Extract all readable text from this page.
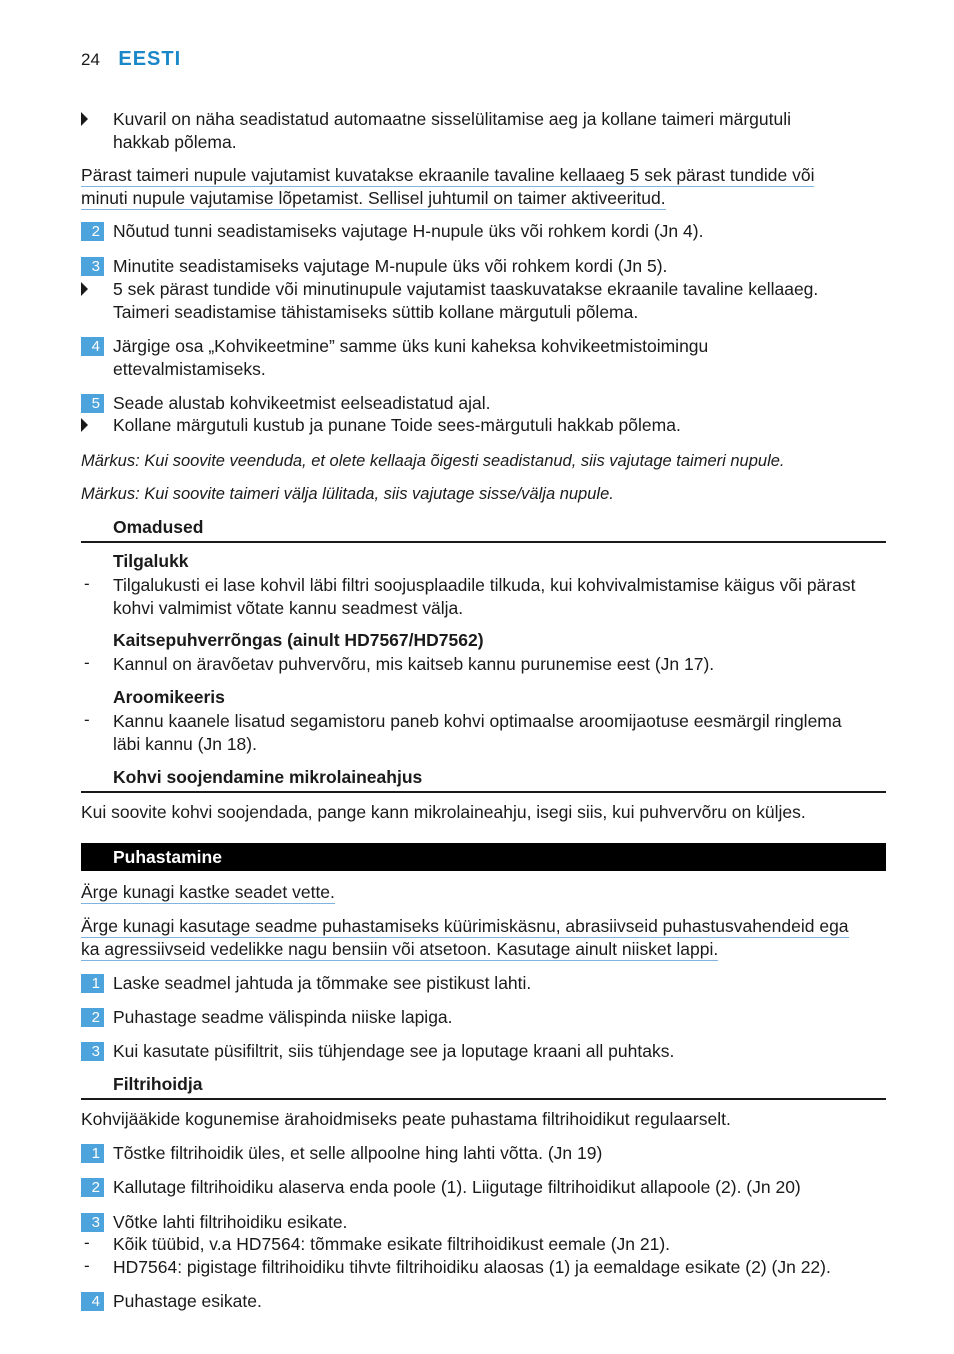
24 EESTI
Kuvaril on näha seadistatud automaatne sisselülitamise aeg ja kollane taimeri märgutuli
hakkab põlema.
Pärast taimeri nupule vajutamist kuvatakse ekraanile tavaline kellaaeg 5 sek pärast tundide või
minuti nupule vajutamise lõpetamist. Sellisel juhtumil on taimer aktiveeritud.
2 Nõutud tunni seadistamiseks vajutage H-nupule üks või rohkem kordi (Jn 4).
3 Minutite seadistamiseks vajutage M-nupule üks või rohkem kordi (Jn 5).
5 sek pärast tundide või minutinupule vajutamist taaskuvatakse ekraanile tavaline kellaaeg.
Taimeri seadistamise tähistamiseks süttib kollane märgutuli põlema.
4 Järgige osa „Kohvikeetmine” samme üks kuni kaheksa kohvikeetmistoimingu
ettevalmistamiseks.
5 Seade alustab kohvikeetmist eelseadistatud ajal.
Kollane märgutuli kustub ja punane Toide sees-märgutuli hakkab põlema.
Märkus: Kui soovite veenduda, et olete kellaaja õigesti seadistanud, siis vajutage taimeri nupule.
Märkus: Kui soovite taimeri välja lülitada, siis vajutage sisse/välja nupule.
Omadused
Tilgalukk
- Tilgalukusti ei lase kohvil läbi filtri soojusplaadile tilkuda, kui kohvivalmistamise käigus või pärast
kohvi valmimist võtate kannu seadmest välja.
Kaitsepuhverrõngas (ainult HD7567/HD7562)
- Kannul on äravõetav puhvervõru, mis kaitseb kannu purunemise eest (Jn 17).
Aroomikeeris
- Kannu kaanele lisatud segamistoru paneb kohvi optimaalse aroomijaotuse eesmärgil ringlema
läbi kannu (Jn 18).
Kohvi soojendamine mikrolaineahjus
Kui soovite kohvi soojendada, pange kann mikrolaineahju, isegi siis, kui puhvervõru on küljes.
Puhastamine
Ärge kunagi kastke seadet vette.
Ärge kunagi kasutage seadme puhastamiseks küürimiskäsnu, abrasiivseid puhastusvahendeid ega
ka agressiivseid vedelikke nagu bensiin või atsetoon. Kasutage ainult niisket lappi.
1 Laske seadmel jahtuda ja tõmmake see pistikust lahti.
2 Puhastage seadme välispinda niiske lapiga.
3 Kui kasutate püsifiltrit, siis tühjendage see ja loputage kraani all puhtaks.
Filtrihoidja
Kohvijääkide kogunemise ärahoidmiseks peate puhastama filtrihoidikut regulaarselt.
1 Tõstke filtrihoidik üles, et selle allpoolne hing lahti võtta. (Jn 19)
2 Kallutage filtrihoidiku alaserva enda poole (1). Liigutage filtrihoidikut allapoole (2). (Jn 20)
3 Võtke lahti filtrihoidiku esikate.
- Kõik tüübid, v.a HD7564: tõmmake esikate filtrihoidikust eemale (Jn 21).
- HD7564: pigistage filtrihoidiku tihvte filtrihoidiku alaosas (1) ja eemaldage esikate (2) (Jn 22).
4 Puhastage esikate.
